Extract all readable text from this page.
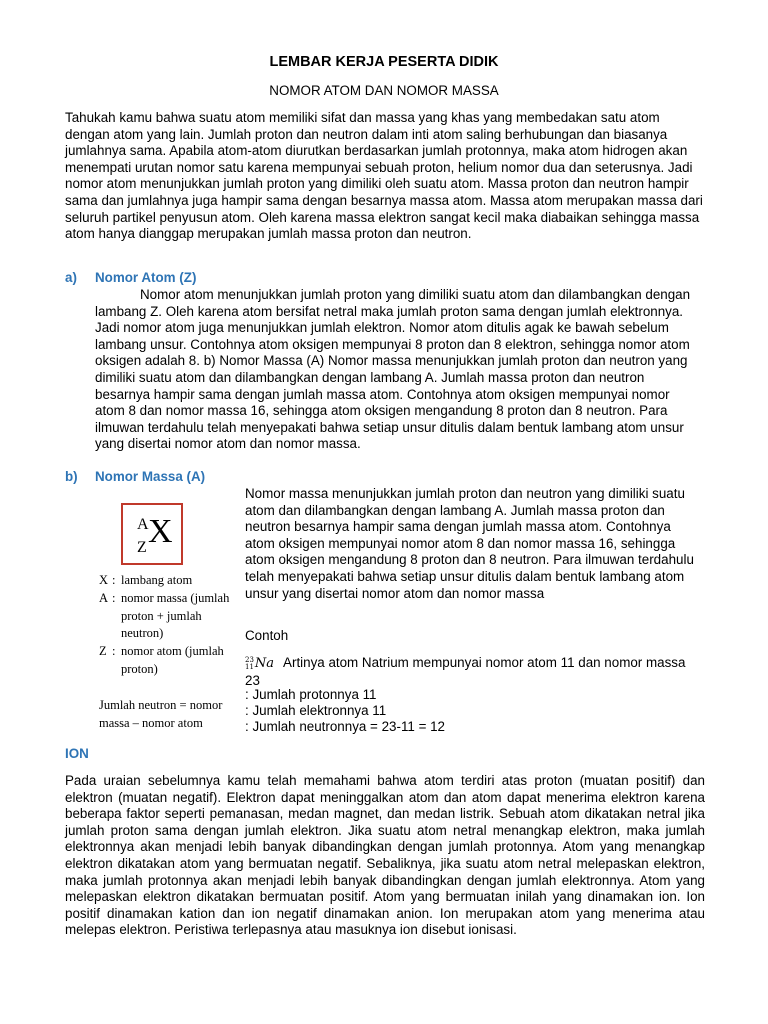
LEMBAR KERJA PESERTA DIDIK
NOMOR ATOM DAN NOMOR MASSA

Tahukah kamu bahwa suatu atom memiliki sifat dan massa yang khas yang membedakan satu atom dengan atom yang lain. Jumlah proton dan neutron dalam inti atom saling berhubungan dan biasanya jumlahnya sama. Apabila atom-atom diurutkan berdasarkan jumlah protonnya, maka atom hidrogen akan menempati urutan nomor satu karena mempunyai sebuah proton, helium nomor dua dan seterusnya. Jadi nomor atom menunjukkan jumlah proton yang dimiliki oleh suatu atom. Massa proton dan neutron hampir sama dan jumlahnya juga hampir sama dengan besarnya massa atom. Massa atom merupakan massa dari seluruh partikel penyusun atom. Oleh karena massa elektron sangat kecil maka diabaikan sehingga massa atom hanya dianggap merupakan jumlah massa proton dan neutron.

a) Nomor Atom (Z)

Nomor atom menunjukkan jumlah proton yang dimiliki suatu atom dan dilambangkan dengan lambang Z. Oleh karena atom bersifat netral maka jumlah proton sama dengan jumlah elektronnya. Jadi nomor atom juga menunjukkan jumlah elektron. Nomor atom ditulis agak ke bawah sebelum lambang unsur. Contohnya atom oksigen mempunyai 8 proton dan 8 elektron, sehingga nomor atom oksigen adalah 8. b) Nomor Massa (A) Nomor massa menunjukkan jumlah proton dan neutron yang dimiliki suatu atom dan dilambangkan dengan lambang A. Jumlah massa proton dan neutron besarnya hampir sama dengan jumlah massa atom. Contohnya atom oksigen mempunyai nomor atom 8 dan nomor massa 16, sehingga atom oksigen mengandung 8 proton dan 8 neutron. Para ilmuwan terdahulu telah menyepakati bahwa setiap unsur ditulis dalam bentuk lambang atom unsur yang disertai nomor atom dan nomor massa.

b) Nomor Massa (A)
A
Z X
X : lambang atom
A : nomor massa (jumlah proton + jumlah neutron)
Z : nomor atom (jumlah proton)
Jumlah neutron = nomor massa – nomor atom

Nomor massa menunjukkan jumlah proton dan neutron yang dimiliki suatu atom dan dilambangkan dengan lambang A. Jumlah massa proton dan neutron besarnya hampir sama dengan jumlah massa atom. Contohnya atom oksigen mempunyai nomor atom 8 dan nomor massa 16, sehingga atom oksigen mengandung 8 proton dan 8 neutron. Para ilmuwan terdahulu telah menyepakati bahwa setiap unsur ditulis dalam bentuk lambang atom unsur yang disertai nomor atom dan nomor massa

Contoh
23
11Na Artinya atom Natrium mempunyai nomor atom 11 dan nomor massa 23
: Jumlah protonnya 11
: Jumlah elektronnya 11
: Jumlah neutronnya = 23-11 = 12
ION

Pada uraian sebelumnya kamu telah memahami bahwa atom terdiri atas proton (muatan positif) dan elektron (muatan negatif). Elektron dapat meninggalkan atom dan atom dapat menerima elektron karena beberapa faktor seperti pemanasan, medan magnet, dan medan listrik. Sebuah atom dikatakan netral jika jumlah proton sama dengan jumlah elektron. Jika suatu atom netral menangkap elektron, maka jumlah elektronnya akan menjadi lebih banyak dibandingkan dengan jumlah protonnya. Atom yang menangkap elektron dikatakan atom yang bermuatan negatif. Sebaliknya, jika suatu atom netral melepaskan elektron, maka jumlah protonnya akan menjadi lebih banyak dibandingkan dengan jumlah elektronnya. Atom yang melepaskan elektron dikatakan bermuatan positif. Atom yang bermuatan inilah yang dinamakan ion. Ion positif dinamakan kation dan ion negatif dinamakan anion. Ion merupakan atom yang menerima atau melepas elektron. Peristiwa terlepasnya atau masuknya ion disebut ionisasi.
